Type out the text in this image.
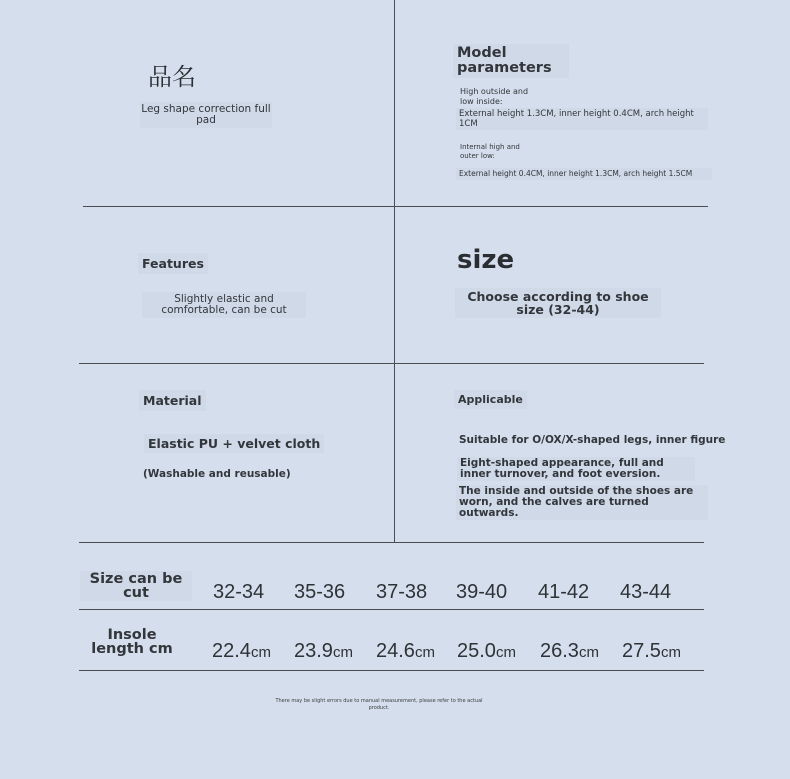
品名
Leg shape correction full pad
Model parameters
High outside and low inside:
External height 1.3CM, inner height 0.4CM, arch height 1CM
Internal high and outer low:
External height 0.4CM, inner height 1.3CM, arch height 1.5CM
Features
Slightly elastic and comfortable, can be cut
size
Choose according to shoe size (32-44)
Material
Elastic PU + velvet cloth
(Washable and reusable)
Applicable
Suitable for O/OX/X-shaped legs, inner figure
Eight-shaped appearance, full and inner turnover, and foot eversion.
The inside and outside of the shoes are worn, and the calves are turned outwards.
Size can be cut
Insole length cm
32-34 35-36 37-38 39-40 41-42 43-44
22.4cm 23.9cm 24.6cm 25.0cm 26.3cm 27.5cm
There may be slight errors due to manual measurement, please refer to the actual product.
